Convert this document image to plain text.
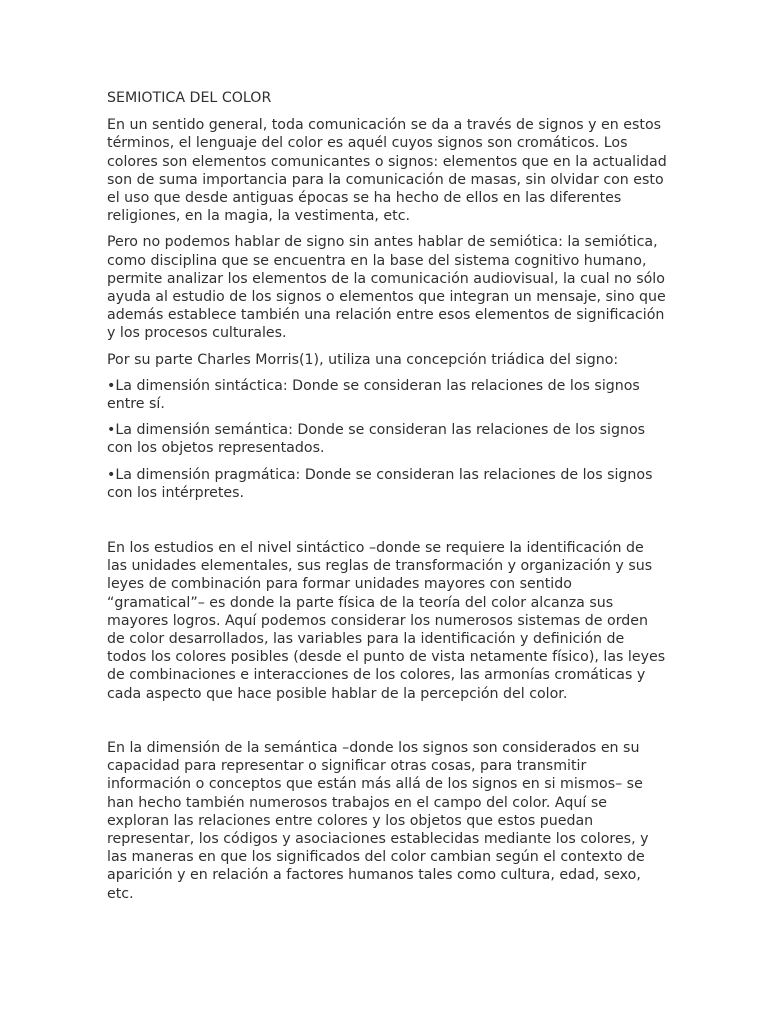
SEMIOTICA DEL COLOR

En un sentido general, toda comunicación se da a través de signos y en estos términos, el lenguaje del color es aquél cuyos signos son cromáticos. Los colores son elementos comunicantes o signos: elementos que en la actualidad son de suma importancia para la comunicación de masas, sin olvidar con esto el uso que desde antiguas épocas se ha hecho de ellos en las diferentes religiones, en la magia, la vestimenta, etc.

Pero no podemos hablar de signo sin antes hablar de semiótica: la semiótica, como disciplina que se encuentra en la base del sistema cognitivo humano, permite analizar los elementos de la comunicación audiovisual, la cual no sólo ayuda al estudio de los signos o elementos que integran un mensaje, sino que además establece también una relación entre esos elementos de significación y los procesos culturales.

Por su parte Charles Morris(1), utiliza una concepción triádica del signo:

•La dimensión sintáctica: Donde se consideran las relaciones de los signos entre sí.

•La dimensión semántica: Donde se consideran las relaciones de los signos con los objetos representados.

•La dimensión pragmática: Donde se consideran las relaciones de los signos con los intérpretes.

En los estudios en el nivel sintáctico –donde se requiere la identificación de las unidades elementales, sus reglas de transformación y organización y sus leyes de combinación para formar unidades mayores con sentido “gramatical”– es donde la parte física de la teoría del color alcanza sus mayores logros. Aquí podemos considerar los numerosos sistemas de orden de color desarrollados, las variables para la identificación y definición de todos los colores posibles (desde el punto de vista netamente físico), las leyes de combinaciones e interacciones de los colores, las armonías cromáticas y cada aspecto que hace posible hablar de la percepción del color.

En la dimensión de la semántica –donde los signos son considerados en su capacidad para representar o significar otras cosas, para transmitir información o conceptos que están más allá de los signos en si mismos– se han hecho también numerosos trabajos en el campo del color. Aquí se exploran las relaciones entre colores y los objetos que estos puedan representar, los códigos y asociaciones establecidas mediante los colores, y las maneras en que los significados del color cambian según el contexto de aparición y en relación a factores humanos tales como cultura, edad, sexo, etc.
